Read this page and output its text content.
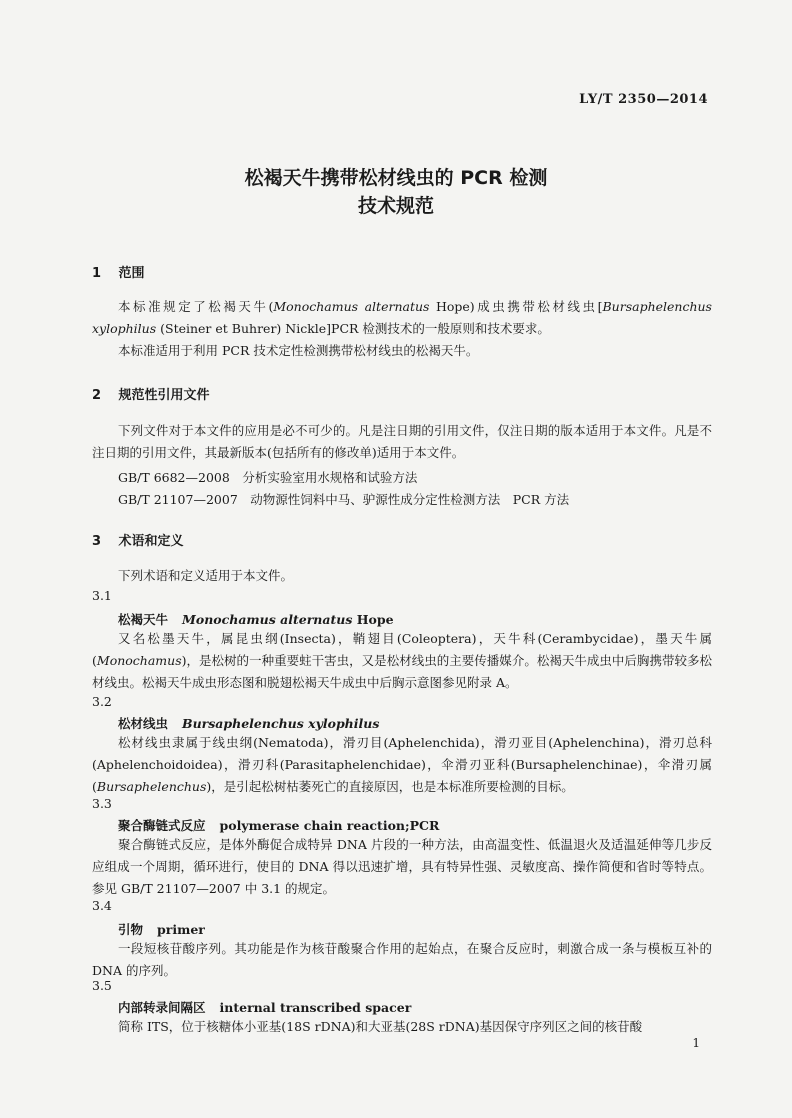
LY/T 2350—2014
松褐天牛携带松材线虫的 PCR 检测
技术规范
1 范围
本标准规定了松褐天牛(Monochamus alternatus Hope)成虫携带松材线虫[Bursaphelenchus xylophilus (Steiner et Buhrer) Nickle]PCR 检测技术的一般原则和技术要求。
本标准适用于利用 PCR 技术定性检测携带松材线虫的松褐天牛。
2 规范性引用文件
下列文件对于本文件的应用是必不可少的。凡是注日期的引用文件，仅注日期的版本适用于本文件。凡是不注日期的引用文件，其最新版本(包括所有的修改单)适用于本文件。
GB/T 6682—2008　分析实验室用水规格和试验方法
GB/T 21107—2007　动物源性饲料中马、驴源性成分定性检测方法　PCR 方法
3 术语和定义
下列术语和定义适用于本文件。
3.1
松褐天牛 Monochamus alternatus Hope
又名松墨天牛，属昆虫纲(Insecta)，鞘翅目(Coleoptera)，天牛科(Cerambycidae)，墨天牛属(Monochamus)，是松树的一种重要蛀干害虫，又是松材线虫的主要传播媒介。松褐天牛成虫中后胸携带较多松材线虫。松褐天牛成虫形态图和脱翅松褐天牛成虫中后胸示意图参见附录 A。
3.2
松材线虫 Bursaphelenchus xylophilus
松材线虫隶属于线虫纲(Nematoda)，滑刃目(Aphelenchida)，滑刃亚目(Aphelenchina)，滑刃总科(Aphelenchoidoidea)，滑刃科(Parasitaphelenchidae)，伞滑刃亚科(Bursaphelenchinae)，伞滑刃属(Bursaphelenchus)，是引起松树枯萎死亡的直接原因，也是本标准所要检测的目标。
3.3
聚合酶链式反应 polymerase chain reaction;PCR
聚合酶链式反应，是体外酶促合成特异 DNA 片段的一种方法，由高温变性、低温退火及适温延伸等几步反应组成一个周期，循环进行，使目的 DNA 得以迅速扩增，具有特异性强、灵敏度高、操作简便和省时等特点。参见 GB/T 21107—2007 中 3.1 的规定。
3.4
引物 primer
一段短核苷酸序列。其功能是作为核苷酸聚合作用的起始点，在聚合反应时，刺激合成一条与模板互补的 DNA 的序列。
3.5
内部转录间隔区 internal transcribed spacer
简称 ITS，位于核糖体小亚基(18S rDNA)和大亚基(28S rDNA)基因保守序列区之间的核苷酸
1
